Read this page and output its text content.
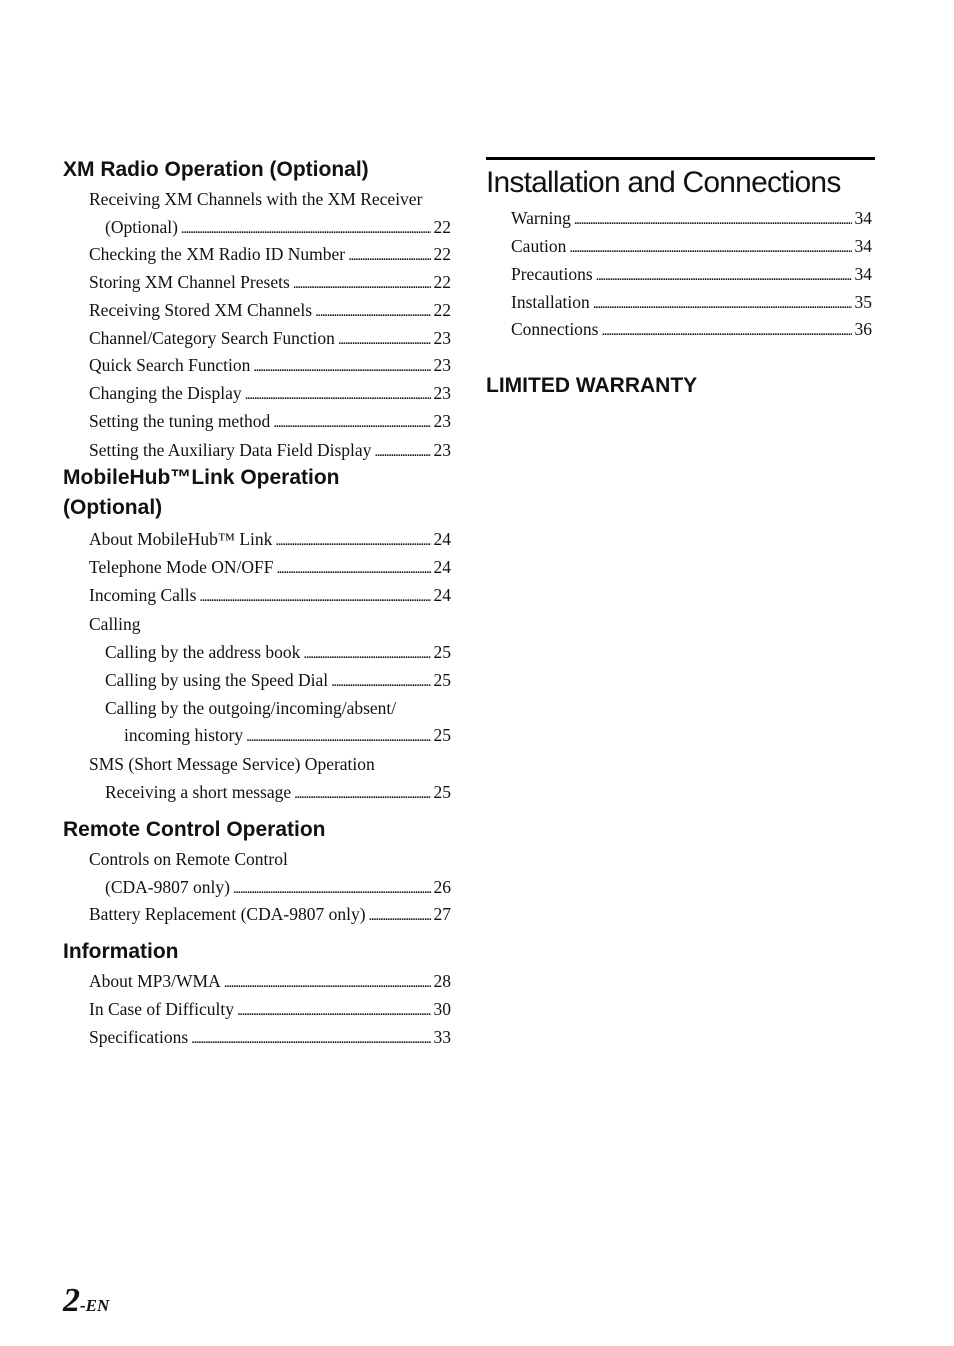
XM Radio Operation (Optional)
Receiving XM Channels with the XM Receiver
(Optional) . . .	22
Checking the XM Radio ID Number . . .	22
Storing XM Channel Presets . . .	22
Receiving Stored XM Channels . . .	22
Channel/Category Search Function . . .	23
Quick Search Function . . .	23
Changing the Display . . .	23
Setting the tuning method . . .	23
Setting the Auxiliary Data Field Display . . .	23
MobileHub™Link Operation
(Optional)
About MobileHub™ Link . . .	24
Telephone Mode ON/OFF . . .	24
Incoming Calls . . .	24
Calling
Calling by the address book . . .	25
Calling by using the Speed Dial . . .	25
Calling by the outgoing/incoming/absent/
incoming history . . .	25
SMS (Short Message Service) Operation
Receiving a short message . . .	25
Remote Control Operation
Controls on Remote Control
(CDA-9807 only) . . .	26
Battery Replacement (CDA-9807 only) . . .	27
Information
About MP3/WMA . . .	28
In Case of Difficulty . . .	30
Specifications . . .	33
Installation and Connections
Warning . . .	34
Caution . . .	34
Precautions . . .	34
Installation . . .	35
Connections . . .	36
LIMITED WARRANTY
2-EN
